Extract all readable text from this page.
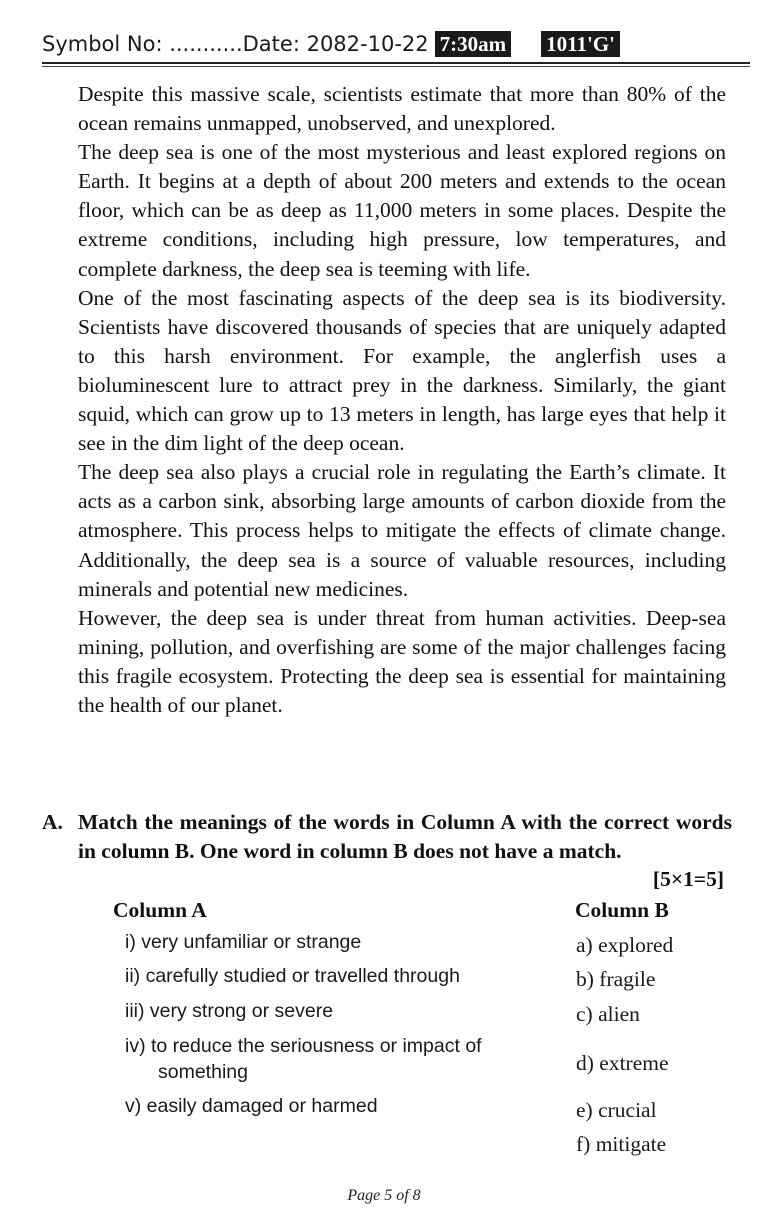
Symbol No: ........... Date: 2082-10-22 7:30am 1011'G'

Despite this massive scale, scientists estimate that more than 80% of the ocean remains unmapped, unobserved, and unexplored.

The deep sea is one of the most mysterious and least explored regions on Earth. It begins at a depth of about 200 meters and extends to the ocean floor, which can be as deep as 11,000 meters in some places. Despite the extreme conditions, including high pressure, low temperatures, and complete darkness, the deep sea is teeming with life.

One of the most fascinating aspects of the deep sea is its biodiversity. Scientists have discovered thousands of species that are uniquely adapted to this harsh environment. For example, the anglerfish uses a bioluminescent lure to attract prey in the darkness. Similarly, the giant squid, which can grow up to 13 meters in length, has large eyes that help it see in the dim light of the deep ocean.

The deep sea also plays a crucial role in regulating the Earth’s climate. It acts as a carbon sink, absorbing large amounts of carbon dioxide from the atmosphere. This process helps to mitigate the effects of climate change. Additionally, the deep sea is a source of valuable resources, including minerals and potential new medicines.

However, the deep sea is under threat from human activities. Deep-sea mining, pollution, and overfishing are some of the major challenges facing this fragile ecosystem. Protecting the deep sea is essential for maintaining the health of our planet.

A. Match the meanings of the words in Column A with the correct words in column B. One word in column B does not have a match.
[5×1=5]
Column A	Column B
i) very unfamiliar or strange
ii) carefully studied or travelled through
iii) very strong or severe
iv) to reduce the seriousness or impact of
something
v) easily damaged or harmed
a) explored
b) fragile
c) alien
d) extreme
e) crucial
f) mitigate
Page 5 of 8
